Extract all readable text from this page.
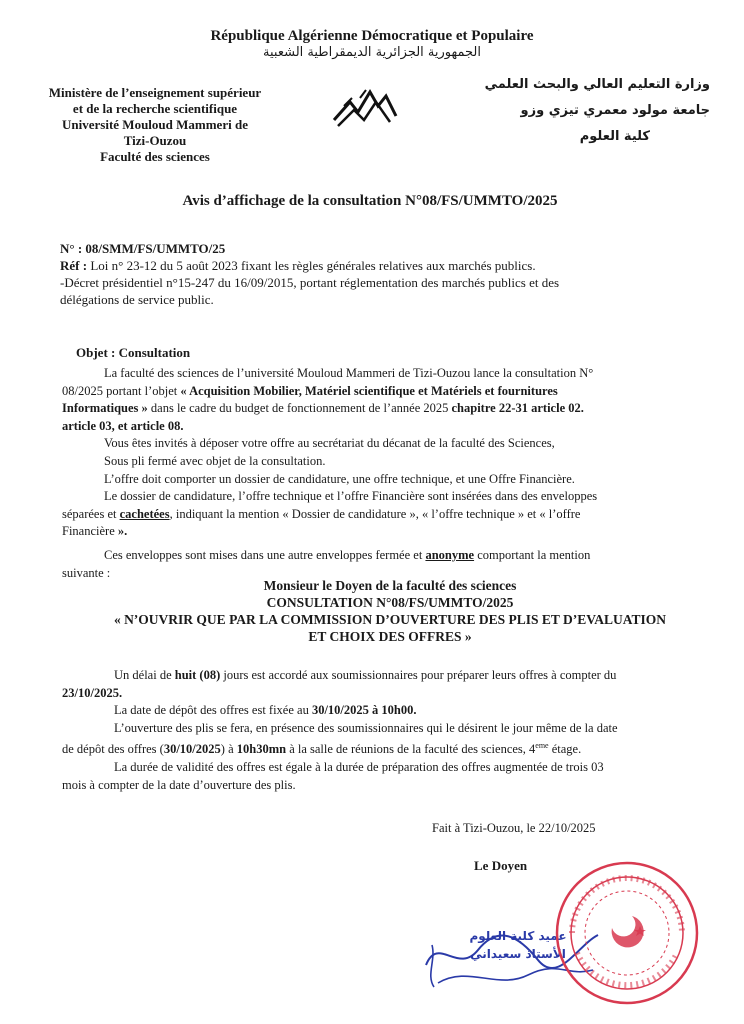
République Algérienne Démocratique et Populaire
الجمهورية الجزائرية الديمقراطية الشعبية
Ministère de l’enseignement supérieur
et de la recherche scientifique
Université Mouloud Mammeri de
Tizi-Ouzou
Faculté des sciences
وزارة التعليم العالي والبحث العلمي
جامعة مولود معمري تيزي وزو
كلية العلوم
Avis d’affichage de la consultation N°08/FS/UMMTO/2025
N° : 08/SMM/FS/UMMTO/25
Réf : Loi n° 23-12 du 5 août 2023 fixant les règles générales relatives aux marchés publics.
-Décret présidentiel n°15-247 du 16/09/2015, portant réglementation des marchés publics et des
délégations de service public.
Objet : Consultation
La faculté des sciences de l’université Mouloud Mammeri de Tizi-Ouzou lance la consultation N°
08/2025 portant l’objet « Acquisition Mobilier, Matériel scientifique et Matériels et fournitures
Informatiques » dans le cadre du budget de fonctionnement de l’année 2025 chapitre 22-31 article 02.
article 03, et article 08.
Vous êtes invités à déposer votre offre au secrétariat du décanat de la faculté des Sciences,
Sous pli fermé avec objet de la consultation.
L’offre doit comporter un dossier de candidature, une offre technique, et une Offre Financière.
Le dossier de candidature, l’offre technique et l’offre Financière sont insérées dans des enveloppes
séparées et cachetées, indiquant la mention « Dossier de candidature », « l’offre technique » et « l’offre
Financière ».
Ces enveloppes sont mises dans une autre enveloppes fermée et anonyme comportant la mention
suivante :
Monsieur le Doyen de la faculté des sciences
CONSULTATION N°08/FS/UMMTO/2025
« N’OUVRIR QUE PAR LA COMMISSION D’OUVERTURE DES PLIS ET D’EVALUATION
ET CHOIX DES OFFRES »
Un délai de huit (08) jours est accordé aux soumissionnaires pour préparer leurs offres à compter du
23/10/2025.
La date de dépôt des offres est fixée au 30/10/2025 à 10h00.
L’ouverture des plis se fera, en présence des soumissionnaires qui le désirent le jour même de la date
de dépôt des offres (30/10/2025) à 10h30mn à la salle de réunions de la faculté des sciences, 4eme étage.
La durée de validité des offres est égale à la durée de préparation des offres augmentée de trois 03
mois à compter de la date d’ouverture des plis.
Fait à Tizi-Ouzou, le 22/10/2025
Le Doyen
عميد كلية العلوم
الأستاذ سعيداني
